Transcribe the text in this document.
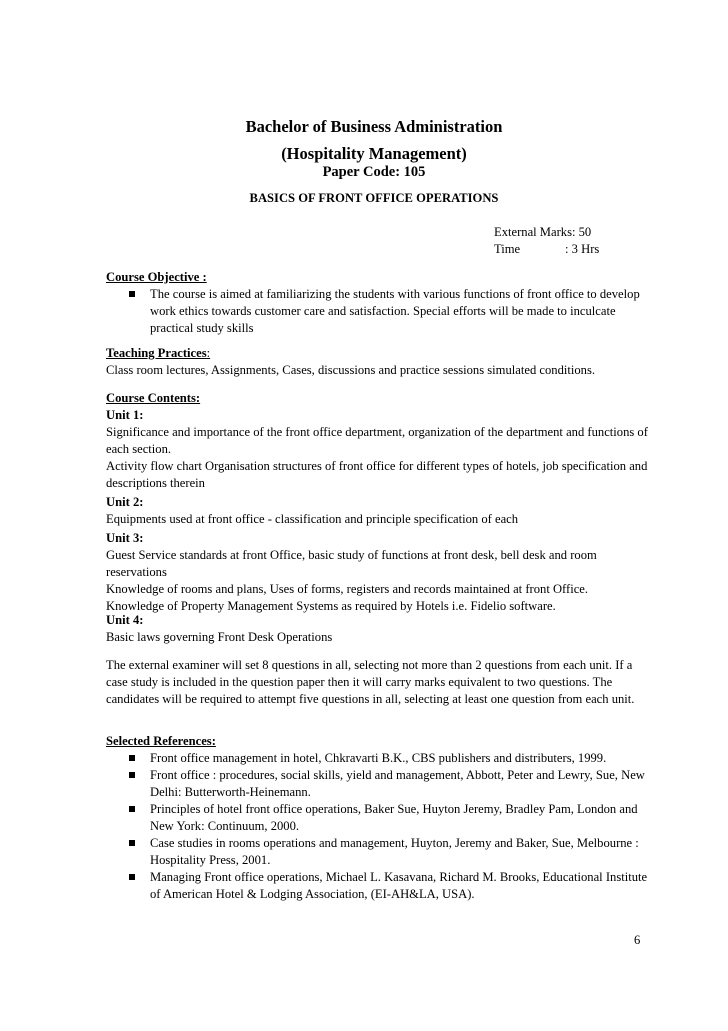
Bachelor of Business Administration
(Hospitality Management)
Paper Code: 105
BASICS OF FRONT OFFICE OPERATIONS
External Marks: 50
Time	: 3 Hrs
Course Objective :
The course is aimed at familiarizing the students with various functions of front office to develop work ethics towards customer care and satisfaction. Special efforts will be made to inculcate practical study skills
Teaching Practices:
Class room lectures, Assignments, Cases, discussions and practice sessions simulated conditions.
Course Contents:
Unit 1:
Significance and importance of the front office department, organization of the department and functions of each section.
Activity flow chart Organisation structures of front office for different types of hotels, job specification and descriptions therein
Unit 2:
Equipments used at front office - classification and principle specification of each
Unit 3:
Guest Service standards at front Office, basic study of functions at front desk, bell desk and room reservations
Knowledge of rooms and plans, Uses of forms, registers and records maintained at front Office.
Knowledge of Property Management Systems as required by Hotels i.e. Fidelio software.
Unit 4:
Basic laws governing Front Desk Operations
The external examiner will set 8 questions in all, selecting not more than 2 questions from each unit. If a case study is included in the question paper then it will carry marks equivalent to two questions. The candidates will be required to attempt five questions in all, selecting at least one question from each unit.
Selected References:
Front office management in hotel, Chkravarti B.K., CBS publishers and distributers, 1999.
Front office : procedures, social skills, yield and management, Abbott, Peter and Lewry, Sue, New Delhi: Butterworth-Heinemann.
Principles of hotel front office operations, Baker Sue, Huyton Jeremy, Bradley Pam, London and New York: Continuum, 2000.
Case studies in rooms operations and management, Huyton, Jeremy and Baker, Sue, Melbourne : Hospitality Press, 2001.
Managing Front office operations, Michael L. Kasavana, Richard M. Brooks, Educational Institute of American Hotel & Lodging Association, (EI-AH&LA, USA).
6
